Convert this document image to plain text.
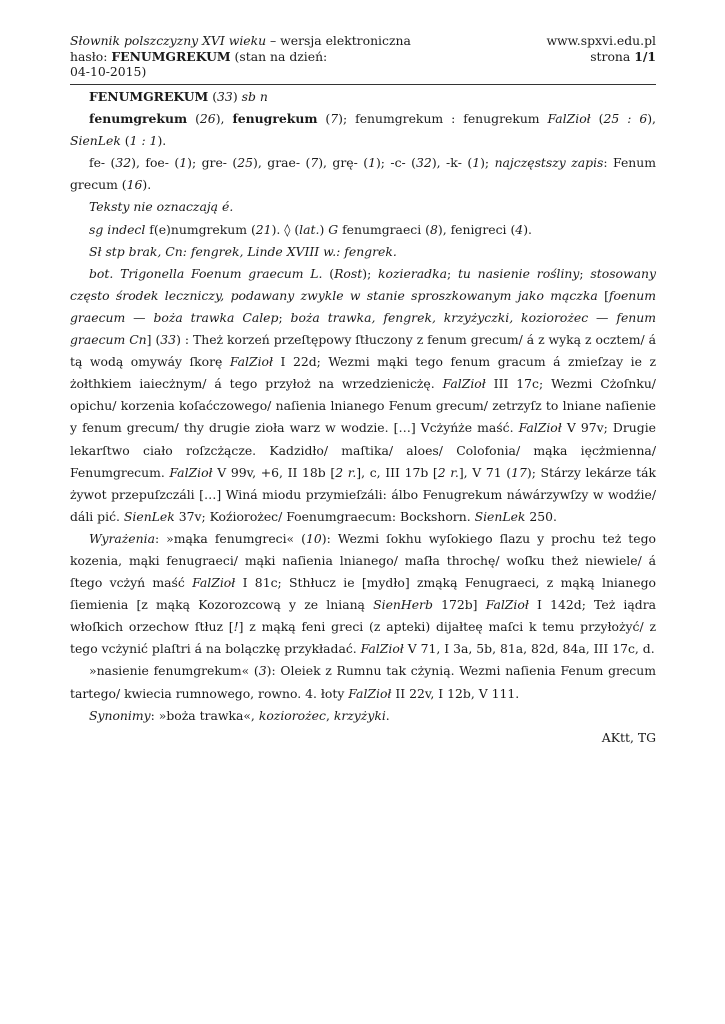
Słownik polszczyzny XVI wieku – wersja elektroniczna
hasło: FENUMGREKUM (stan na dzień:
04-10-2015)
www.spxvi.edu.pl
strona 1/1

FENUMGREKUM (33) sb n

fenumgrekum (26), fenugrekum (7); fenumgrekum : fenugrekum FalZioł (25 : 6), SienLek (1 : 1).

fe- (32), foe- (1); gre- (25), grae- (7), grę‑ (1); ‑c‑ (32), ‑k‑ (1); najczęstszy zapis: Fenum grecum (16).

Teksty nie oznaczają é.

sg indecl f(e)numgrekum (21). ◊ (lat.) G fenumgraeci (8), fenigreci (4).

Sł stp brak, Cn: fengrek, Linde XVIII w.: fengrek.

bot. Trigonella Foenum graecum L. (Rost); kozieradka; tu nasienie rośliny; stosowany często środek leczniczy, podawany zwykle w stanie sproszkowanym jako mączka [foenum graecum — boża trawka Calep; boża trawka, fengrek, krzyżyczki, koziorożec — fenum graecum Cn] (33) : Theż korzeń przeſtępowy ſtłuczony z fenum grecum/ á z wyką z ocztem/ á tą wodą omywáy ſkorę FalZioł I 22d; Wezmi mąki tego fenum gracum á zmieſzay ie z żołthkiem iaiecżnym/ á tego przyłoż na wrzedzienicżę. FalZioł III 17c; Wezmi Cżoſnku/ opichu/ korzenia koſaćczowego/ naſienia lnianego Fenum grecum/ zetrzyſz to lniane naſienie y fenum grecum/ thy drugie zioła warz w wodzie. […] Vcżyńże maść. FalZioł V 97v; Drugie lekarſtwo ciało roſzcżącze. Kadzidło/ maſtika/ aloes/ Colofonia/ mąka ięcżmienna/ Fenumgrecum. FalZioł V 99v, +6, II 18b [2 r.], c, III 17b [2 r.], V 71 (17); Stárzy lekárze ták żywot przepuſzczáli […] Winá miodu przymieſzáli: álbo Fenugrekum náwárzywſzy w wodźie/ dáli pić. SienLek 37v; Koźiorożec/ Foenumgraecum: Bockshorn. SienLek 250.

Wyrażenia: »mąka fenumgreci« (10): Wezmi ſokhu wyſokiego ſlazu y prochu też tego kozenia, mąki fenugraeci/ mąki naſienia lnianego/ maſła throchę/ woſku theż niewiele/ á ſtego vcżyń maść FalZioł I 81c; Sthłucz ie [mydło] zmąką Fenugraeci, z mąką lnianego ſiemienia [z mąką Kozorozcową y ze lnianą SienHerb 172b] FalZioł I 142d; Też iądra włoſkich orzechow ſtłuz [!] z mąką feni greci (z apteki) dijałteę maſci k temu przyłożyć/ z tego vcżynić plaſtri á na bolączkę przykładać. FalZioł V 71, I 3a, 5b, 81a, 82d, 84a, III 17c, d.

»nasienie fenumgrekum« (3): Oleiek z Rumnu tak cżynią. Wezmi naſienia Fenum grecum tartego/ kwiecia rumnowego, rowno. 4. łoty FalZioł II 22v, I 12b, V 111.

Synonimy: »boża trawka«, koziorożec, krzyżyki.

AKtt, TG
